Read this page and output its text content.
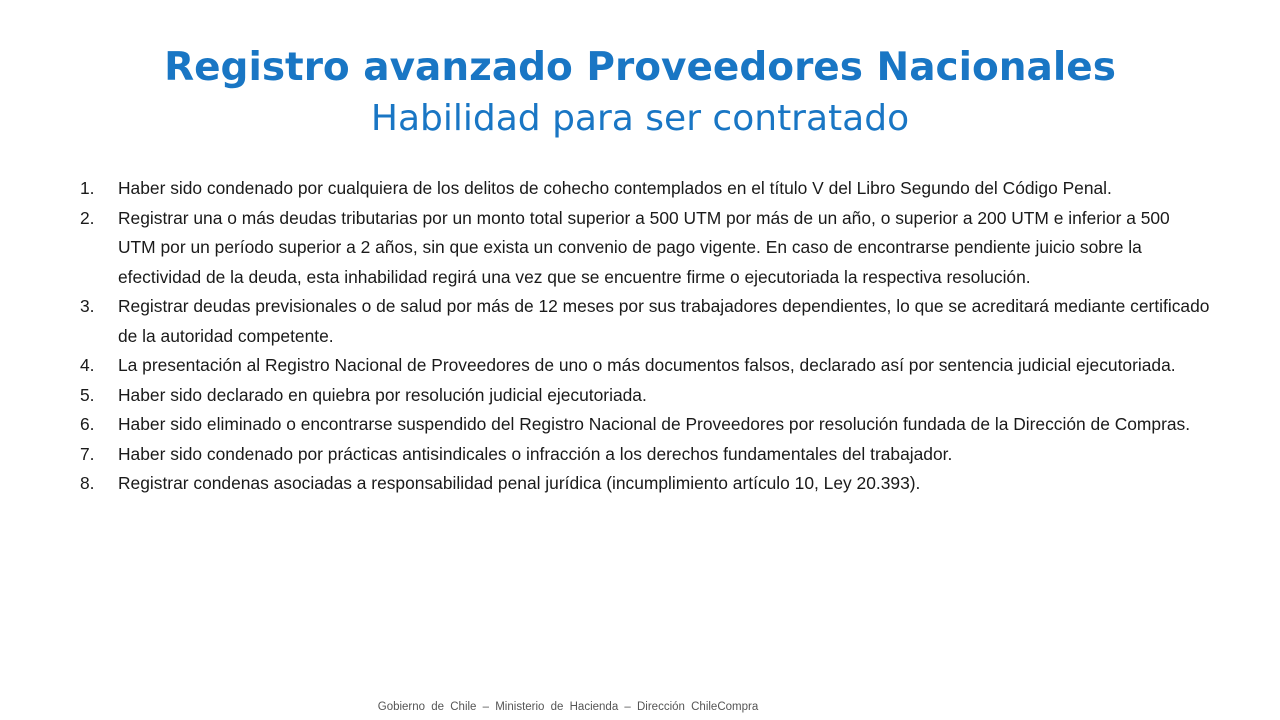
Registro avanzado Proveedores Nacionales
Habilidad para ser contratado
1.	Haber sido condenado por cualquiera de los delitos de cohecho contemplados en el título V del Libro Segundo del Código Penal.
2.	Registrar una o más deudas tributarias por un monto total superior a 500 UTM por más de un año, o superior a 200 UTM e inferior a 500 UTM por un período superior a 2 años, sin que exista un convenio de pago vigente. En caso de encontrarse pendiente juicio sobre la efectividad de la deuda, esta inhabilidad regirá una vez que se encuentre firme o ejecutoriada la respectiva resolución.
3.	Registrar deudas previsionales o de salud por más de 12 meses por sus trabajadores dependientes, lo que se acreditará mediante certificado de la autoridad competente.
4.	La presentación al Registro Nacional de Proveedores de uno o más documentos falsos, declarado así por sentencia judicial ejecutoriada.
5.	Haber sido declarado en quiebra por resolución judicial ejecutoriada.
6.	Haber sido eliminado o encontrarse suspendido del Registro Nacional de Proveedores por resolución fundada de la Dirección de Compras.
7.	Haber sido condenado por prácticas antisindicales o infracción a los derechos fundamentales del trabajador.
8.	Registrar condenas asociadas a responsabilidad penal jurídica (incumplimiento artículo 10, Ley 20.393).
Gobierno de Chile – Ministerio de Hacienda – Dirección ChileCompra
